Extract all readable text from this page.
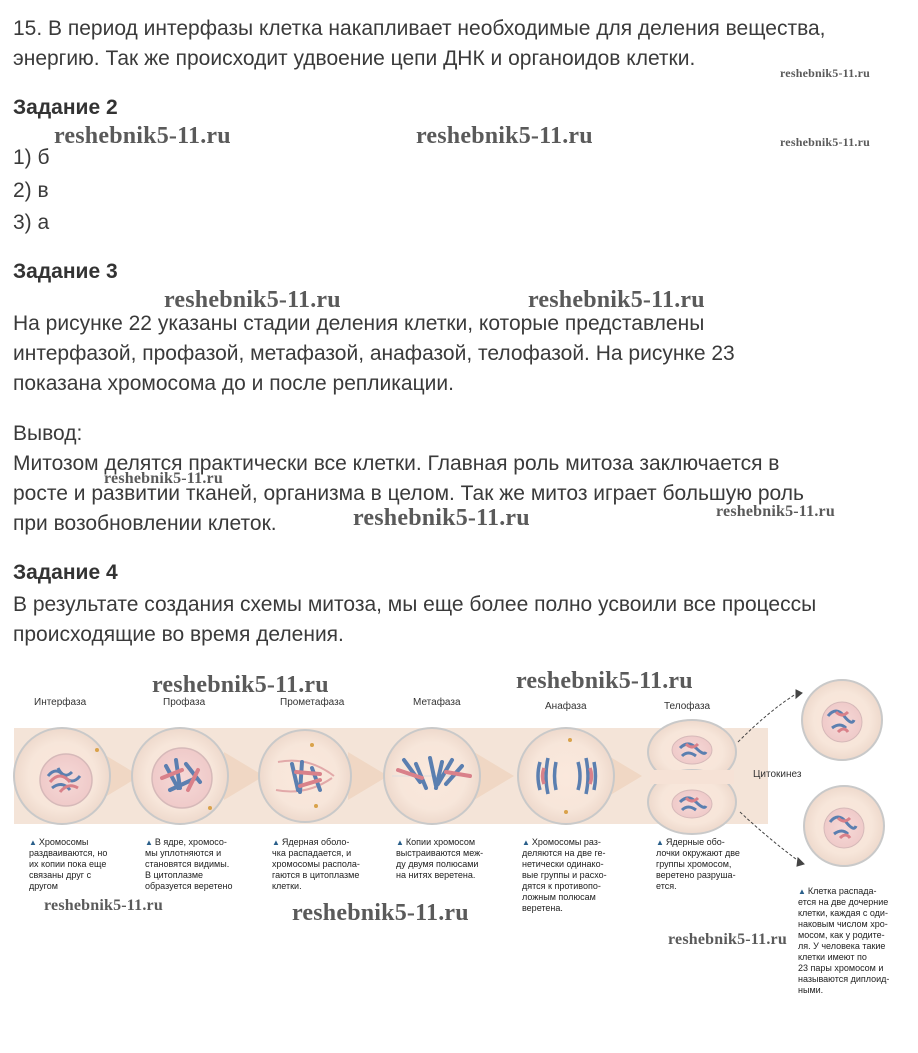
15. В период интерфазы клетка накапливает необходимые для деления вещества,
энергию. Так же происходит удвоение цепи ДНК и органоидов клетки.
Задание 2
1) б
2) в
3) а
Задание 3
На рисунке 22 указаны стадии деления клетки, которые представлены
интерфазой, профазой, метафазой, анафазой, телофазой. На рисунке 23
показана хромосома до и после репликации.
Вывод:
Митозом делятся практически все клетки. Главная роль митоза заключается в
росте и развитии тканей, организма в целом. Так же митоз играет большую роль
при возобновлении клеток.
Задание 4
В результате создания схемы митоза, мы еще более полно усвоили все процессы
происходящие во время деления.
Интерфаза	Профаза	Прометафаза	Метафаза	Анафаза	Телофаза
Цитокинез
▲ Хромосомы
раздваиваются, но
их копии пока еще
связаны друг с
другом
▲ В ядре, хромосо-
мы уплотняются и
становятся видимы.
В цитоплазме
образуется веретено
▲ Ядерная оболо-
чка распадается, и
хромосомы распола-
гаются в цитоплазме
клетки.
▲ Копии хромосом
выстраиваются меж-
ду двумя полюсами
на нитях веретена.
▲ Хромосомы раз-
деляются на две ге-
нетически одинако-
вые группы и расхо-
дятся к противопо-
ложным полюсам
веретена.
▲ Ядерные обо-
лочки окружают две
группы хромосом,
веретено разруша-
ется.
▲ Клетка распада-
ется на две дочерние
клетки, каждая с оди-
наковым числом хро-
мосом, как у родите-
ля. У человека такие
клетки имеют по
23 пары хромосом и
называются диплоид-
ными.
reshebnik5-11.ru
reshebnik5-11.ru	reshebnik5-11.ru	reshebnik5-11.ru
reshebnik5-11.ru	reshebnik5-11.ru
reshebnik5-11.ru
reshebnik5-11.ru	reshebnik5-11.ru
reshebnik5-11.ru	reshebnik5-11.ru
reshebnik5-11.ru	reshebnik5-11.ru
reshebnik5-11.ru
